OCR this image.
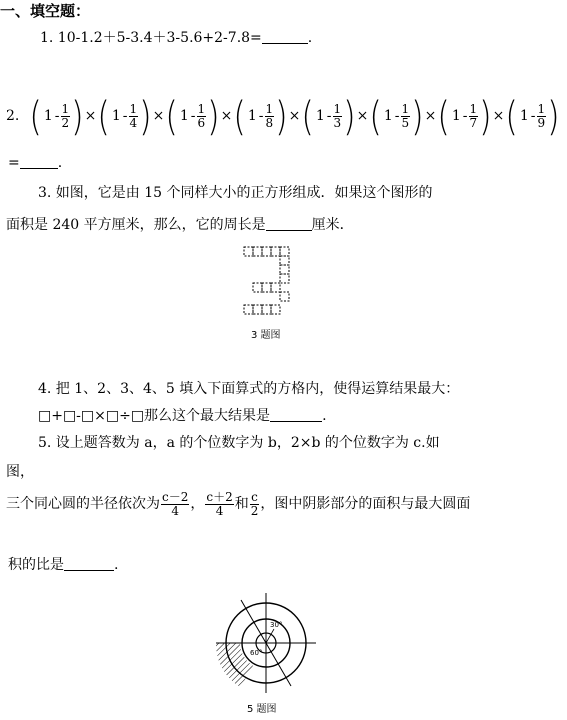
一、填空题：
1. 10-1.2＋5-3.4＋3-5.6+2-7.8=	.
2. ( $1 - \frac{1}{2}$ ) × ( $1 - \frac{1}{4}$ ) × ( $1 - \frac{1}{6}$ ) × ( $1 - \frac{1}{8}$ ) × ( $1 - \frac{1}{3}$ ) × ( $1 - \frac{1}{5}$ ) × ( $1 - \frac{1}{7}$ ) × ( $1 - \frac{1}{9}$ )
=	.
3. 如图，它是由 15 个同样大小的正方形组成．如果这个图形的
面积是 240 平方厘米，那么，它的周长是	厘米．
3 题图
4. 把 1、2、3、4、5 填入下面算式的方格内，使得运算结果最大：
□+□-□×□÷□那么这个最大结果是	.
5. 设上题答数为 a，a 的个位数字为 b，2×b 的个位数字为 c.如
图，
三个同心圆的半径依次为 $\frac{c-2}{4}$ ， $\frac{c+2}{4}$ 和 $\frac{c}{2}$ ，图中阴影部分的面积与最大圆面
积的比是	.
30°
60°
5 题图
